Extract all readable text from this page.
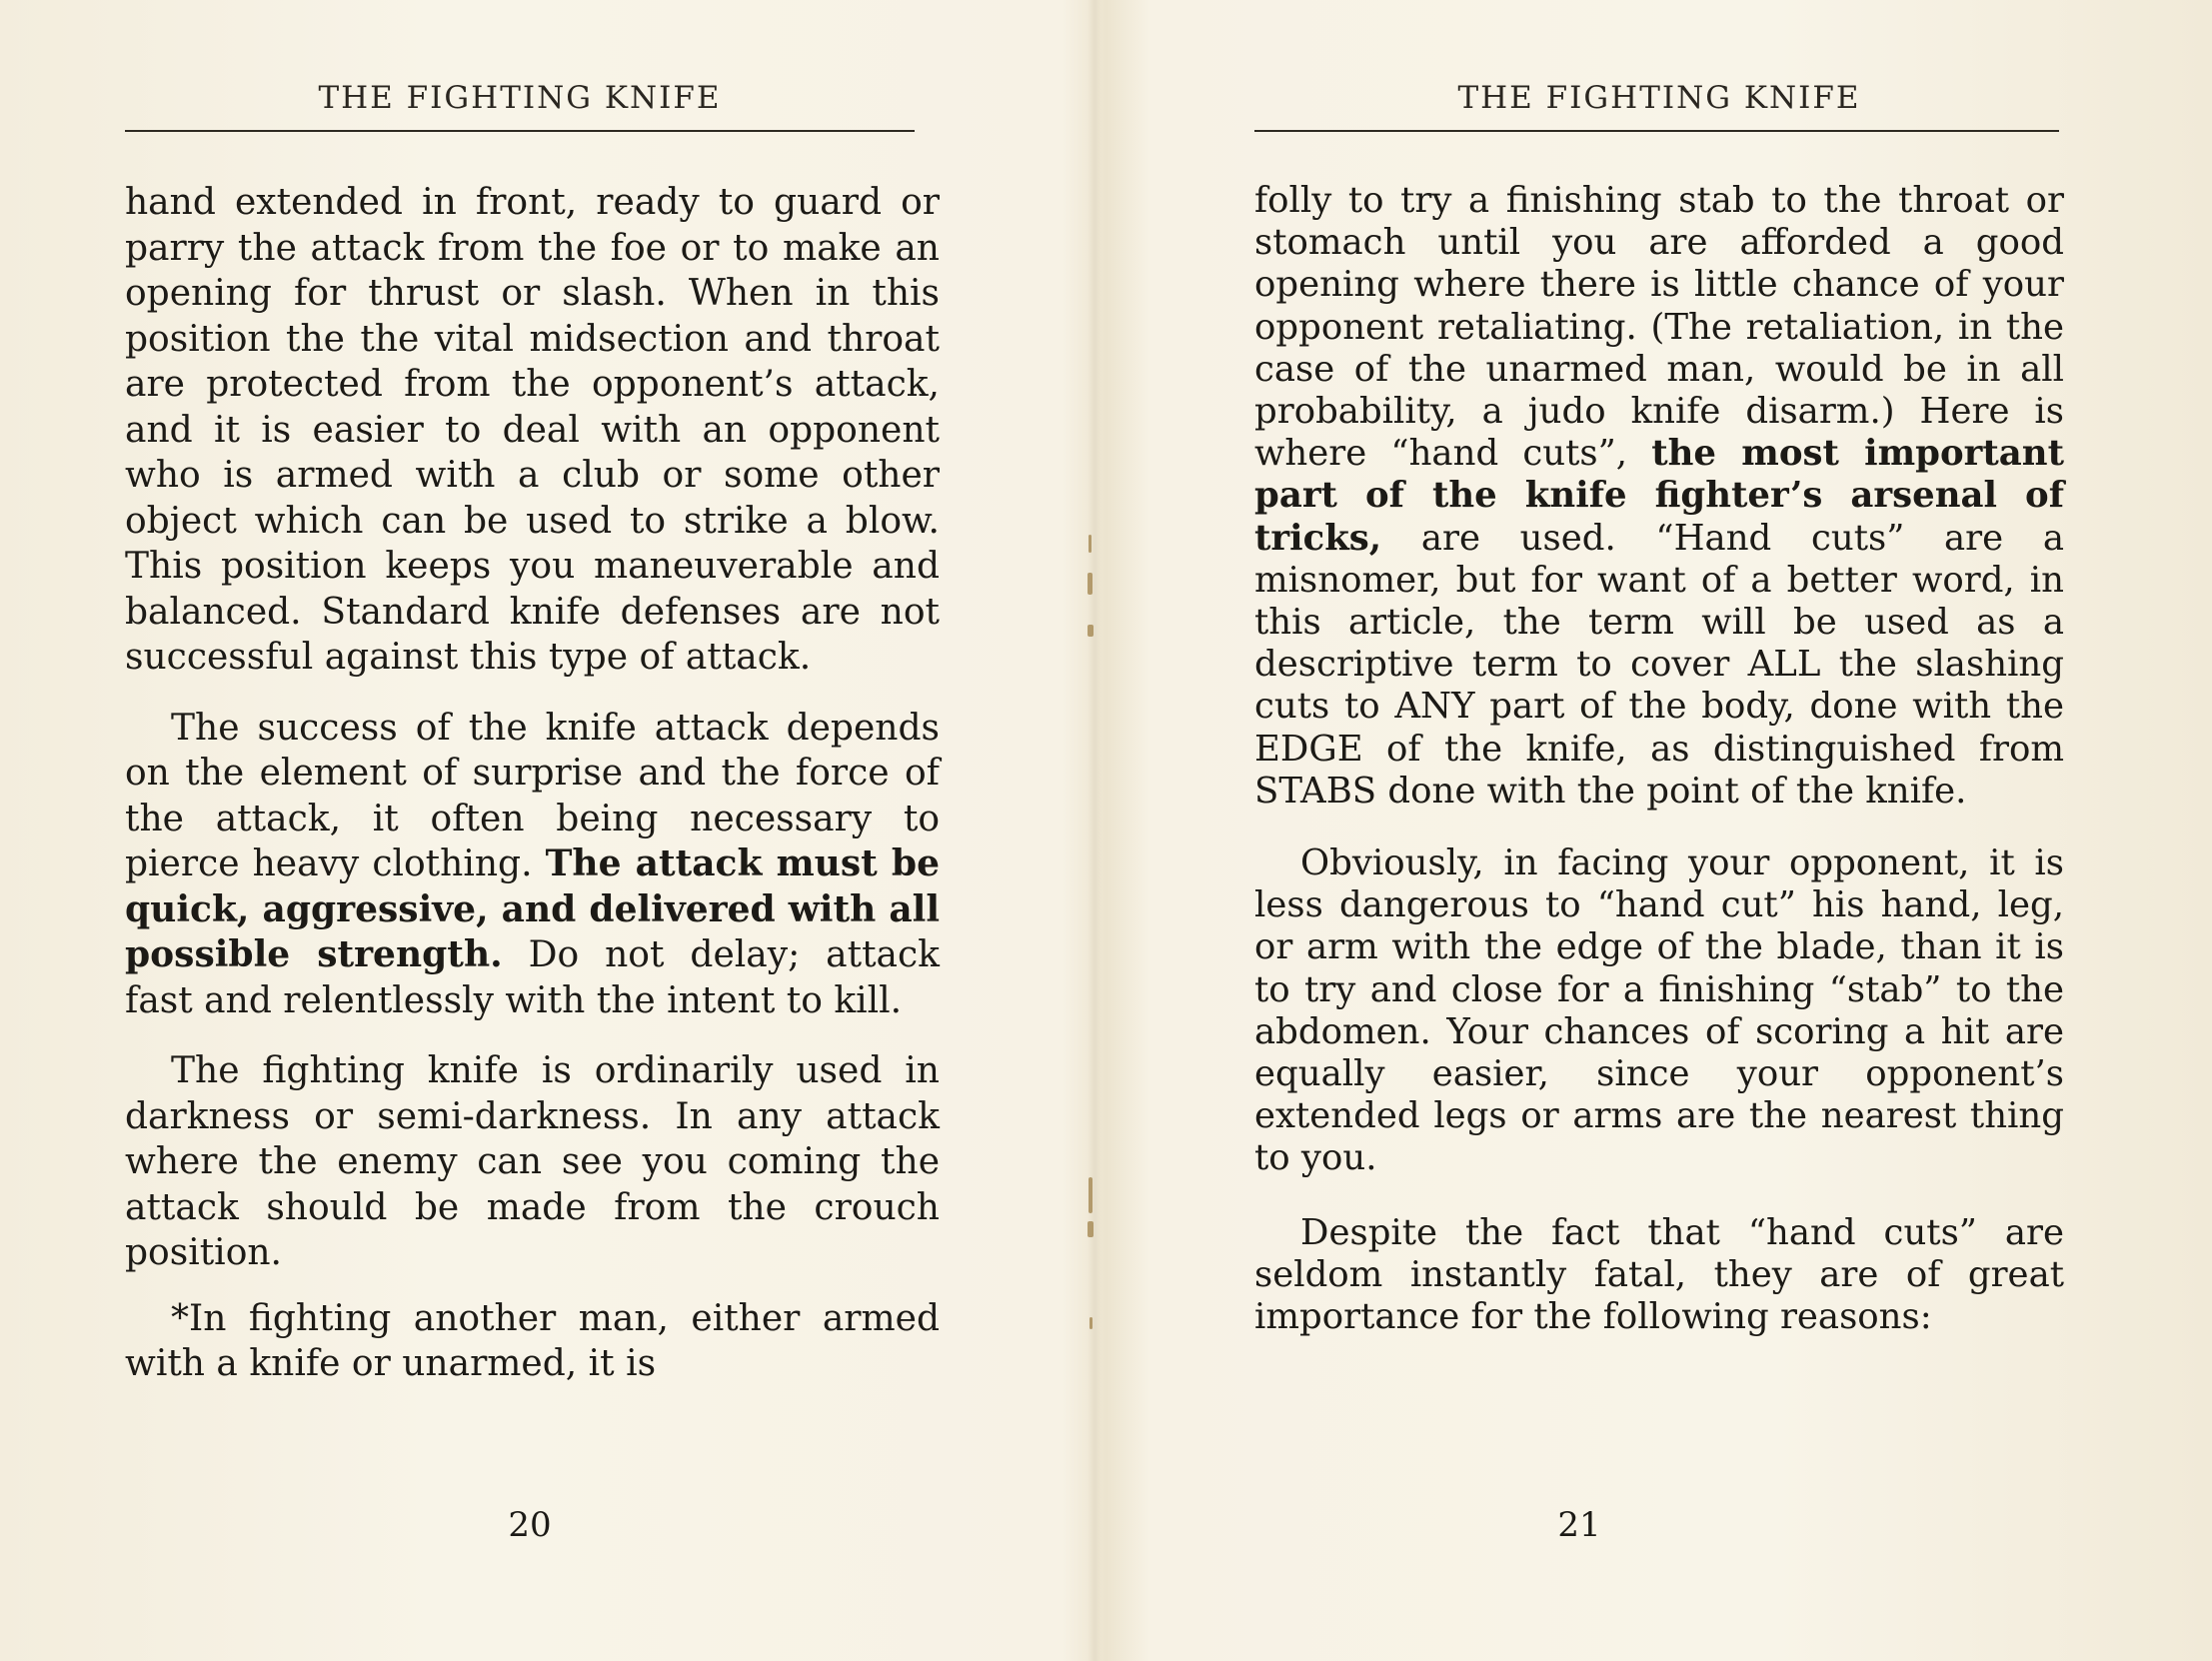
THE FIGHTING KNIFE

hand extended in front, ready to guard or parry the attack from the foe or to make an opening for thrust or slash. When in this position the the vital midsection and throat are protected from the opponent’s attack, and it is easier to deal with an opponent who is armed with a club or some other object which can be used to strike a blow. This position keeps you maneuverable and balanced. Standard knife defenses are not successful against this type of attack.

The success of the knife attack depends on the element of surprise and the force of the attack, it often being necessary to pierce heavy clothing. The attack must be quick, aggressive, and delivered with all possible strength. Do not delay; attack fast and relentlessly with the intent to kill.

The fighting knife is ordinarily used in darkness or semi-darkness. In any attack where the enemy can see you coming the attack should be made from the crouch position.

*In fighting another man, either armed with a knife or unarmed, it is

20
THE FIGHTING KNIFE

folly to try a finishing stab to the throat or stomach until you are afforded a good opening where there is little chance of your opponent retaliating. (The retaliation, in the case of the unarmed man, would be in all probability, a judo knife disarm.) Here is where “hand cuts”, the most important part of the knife fighter’s arsenal of tricks, are used. “Hand cuts” are a misnomer, but for want of a better word, in this article, the term will be used as a descriptive term to cover ALL the slashing cuts to ANY part of the body, done with the EDGE of the knife, as distinguished from STABS done with the point of the knife.

Obviously, in facing your opponent, it is less dangerous to “hand cut” his hand, leg, or arm with the edge of the blade, than it is to try and close for a finishing “stab” to the abdomen. Your chances of scoring a hit are equally easier, since your opponent’s extended legs or arms are the nearest thing to you.

Despite the fact that “hand cuts” are seldom instantly fatal, they are of great importance for the following reasons:

21
